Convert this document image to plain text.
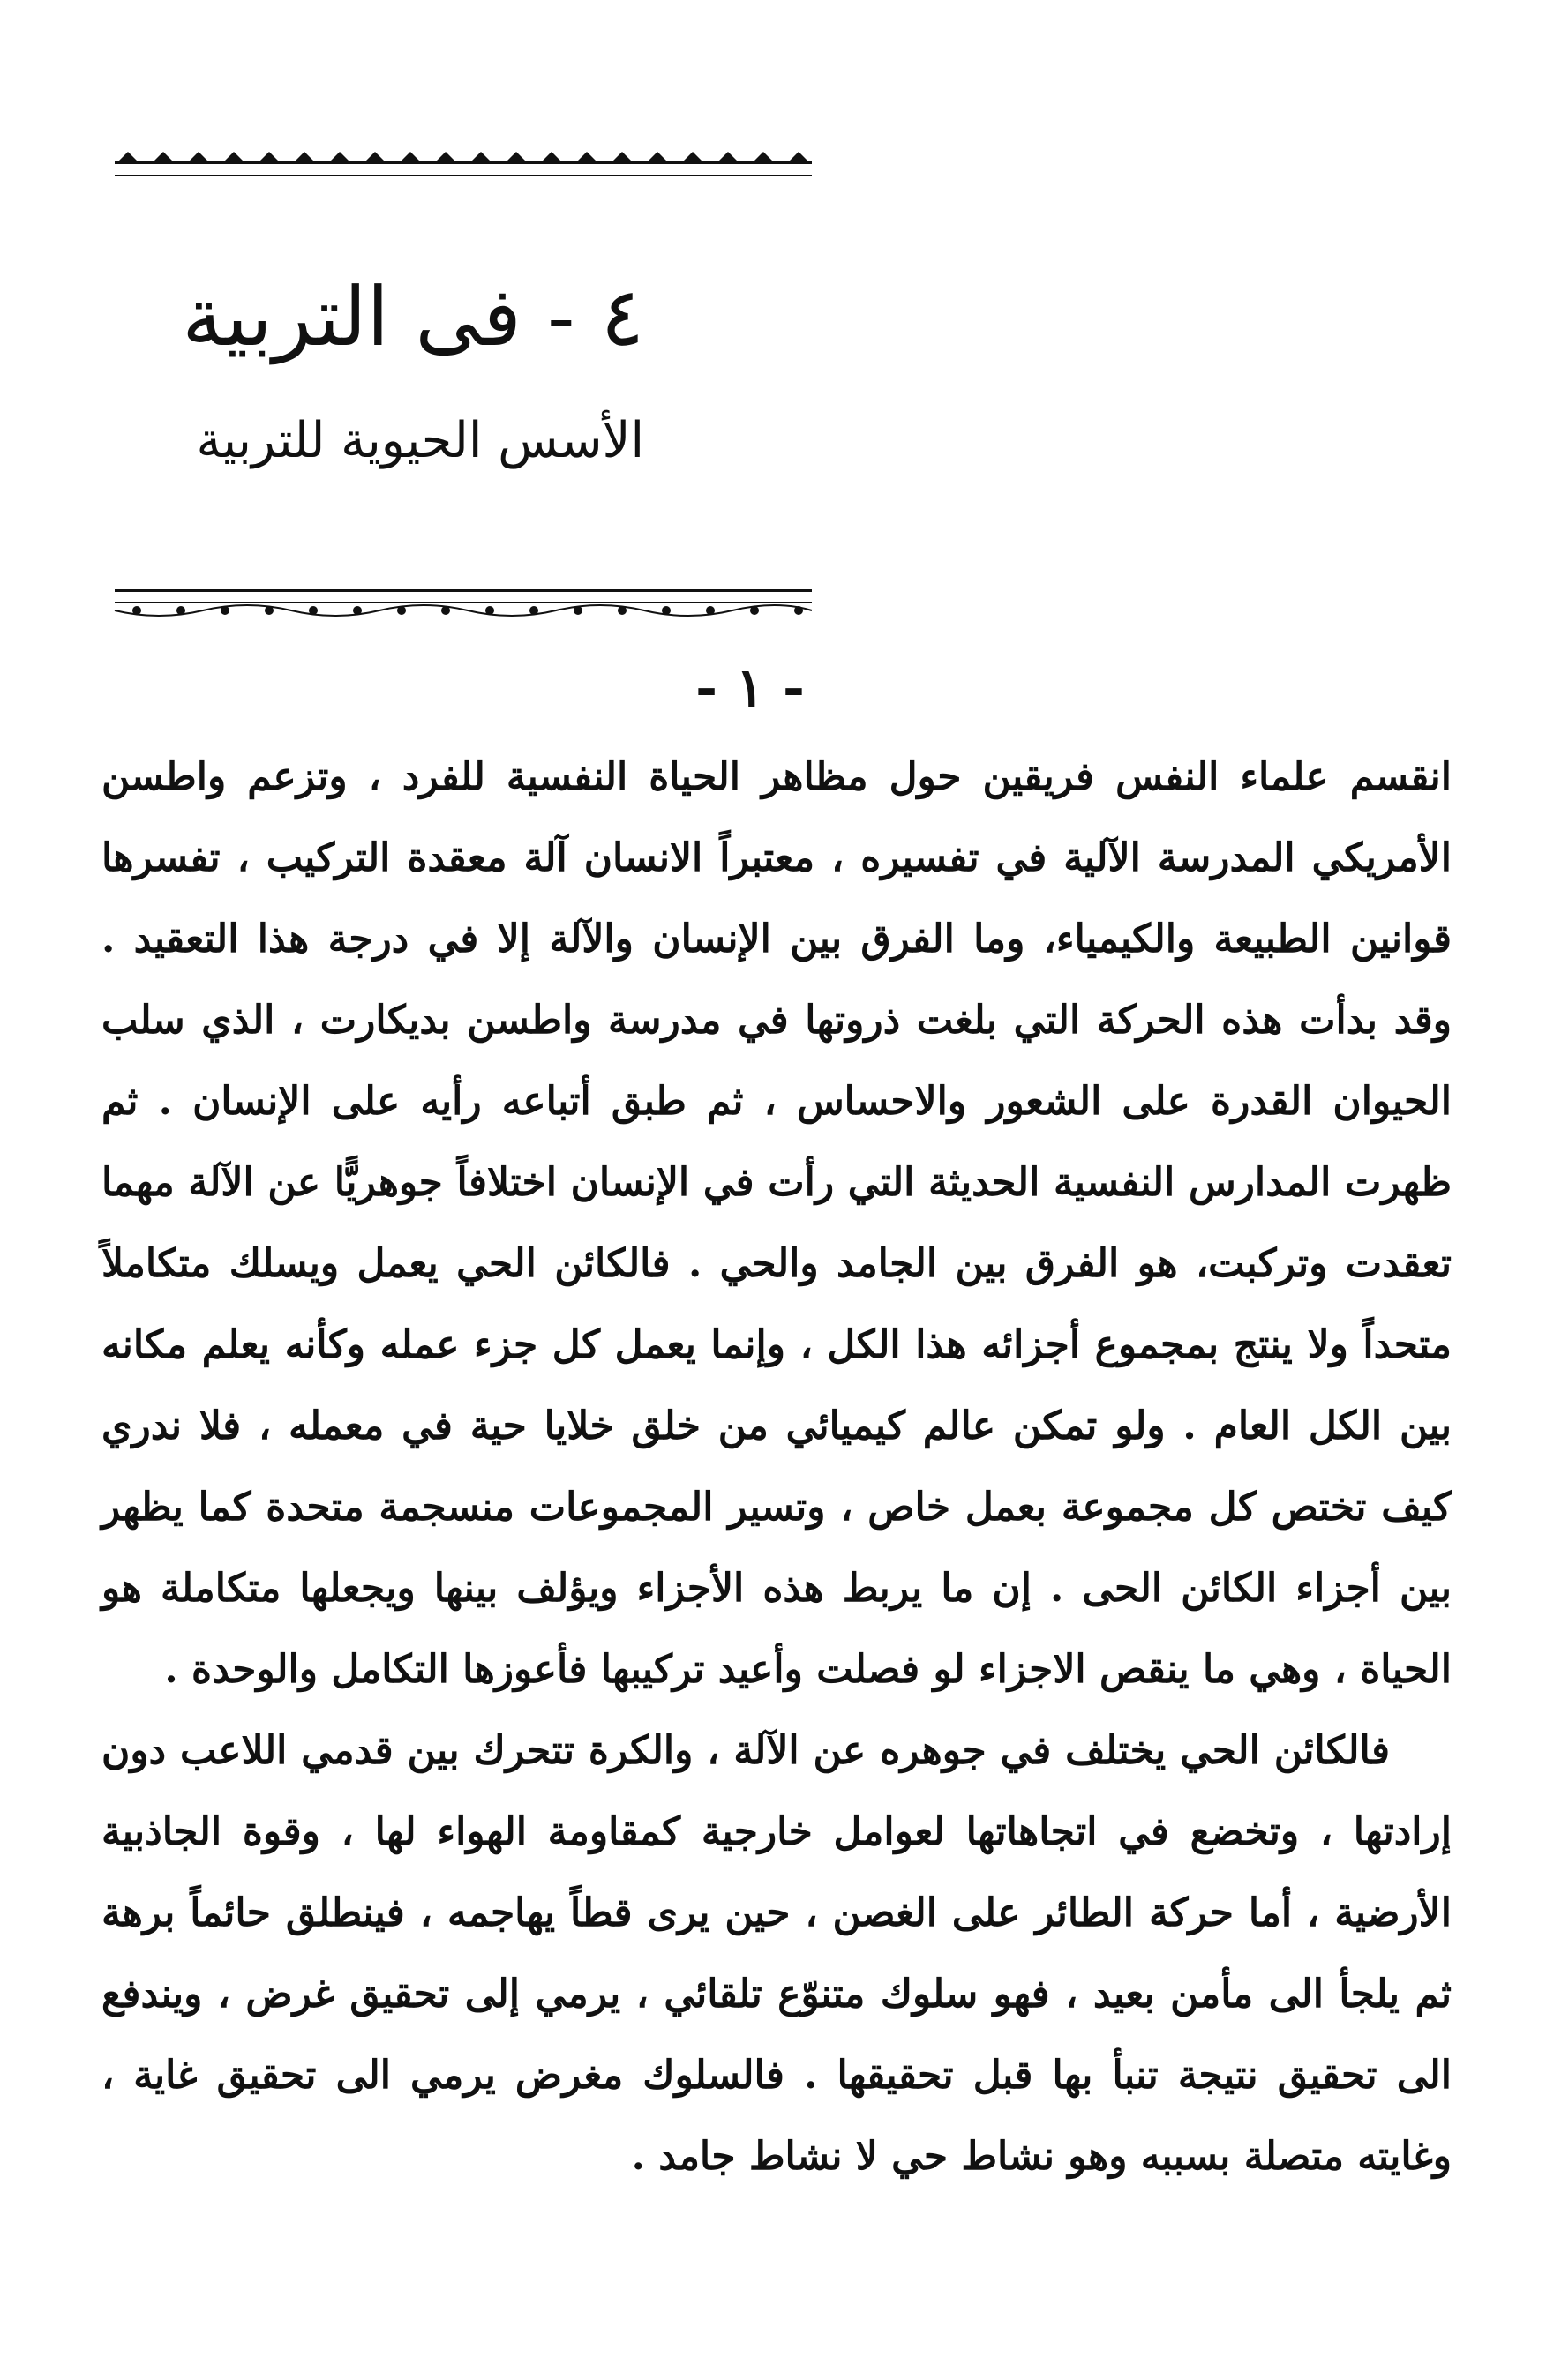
٤ - فى التربية
الأسس الحيوية للتربية
- ١ -

انقسم علماء النفس فريقين حول مظاهر الحياة النفسية للفرد ، وتزعم واطسن الأمريكي المدرسة الآلية في تفسيره ، معتبراً الانسان آلة معقدة التركيب ، تفسرها قوانين الطبيعة والكيمياء، وما الفرق بين الإنسان والآلة إلا في درجة هذا التعقيد . وقد بدأت هذه الحركة التي بلغت ذروتها في مدرسة واطسن بديكارت ، الذي سلب الحيوان القدرة على الشعور والاحساس ، ثم طبق أتباعه رأيه على الإنسان . ثم ظهرت المدارس النفسية الحديثة التي رأت في الإنسان اختلافاً جوهريًّا عن الآلة مهما تعقدت وتركبت، هو الفرق بين الجامد والحي . فالكائن الحي يعمل ويسلك متكاملاً متحداً ولا ينتج بمجموع أجزائه هذا الكل ، وإنما يعمل كل جزء عمله وكأنه يعلم مكانه بين الكل العام . ولو تمكن عالم كيميائي من خلق خلايا حية في معمله ، فلا ندري كيف تختص كل مجموعة بعمل خاص ، وتسير المجموعات منسجمة متحدة كما يظهر بين أجزاء الكائن الحى . إن ما يربط هذه الأجزاء ويؤلف بينها ويجعلها متكاملة هو الحياة ، وهي ما ينقص الاجزاء لو فصلت وأعيد تركيبها فأعوزها التكامل والوحدة .

فالكائن الحي يختلف في جوهره عن الآلة ، والكرة تتحرك بين قدمي اللاعب دون إرادتها ، وتخضع في اتجاهاتها لعوامل خارجية كمقاومة الهواء لها ، وقوة الجاذبية الأرضية ، أما حركة الطائر على الغصن ، حين يرى قطاً يهاجمه ، فينطلق حائماً برهة ثم يلجأ الى مأمن بعيد ، فهو سلوك متنوّع تلقائي ، يرمي إلى تحقيق غرض ، ويندفع الى تحقيق نتيجة تنبأ بها قبل تحقيقها . فالسلوك مغرض يرمي الى تحقيق غاية ، وغايته متصلة بسببه وهو نشاط حي لا نشاط جامد .
